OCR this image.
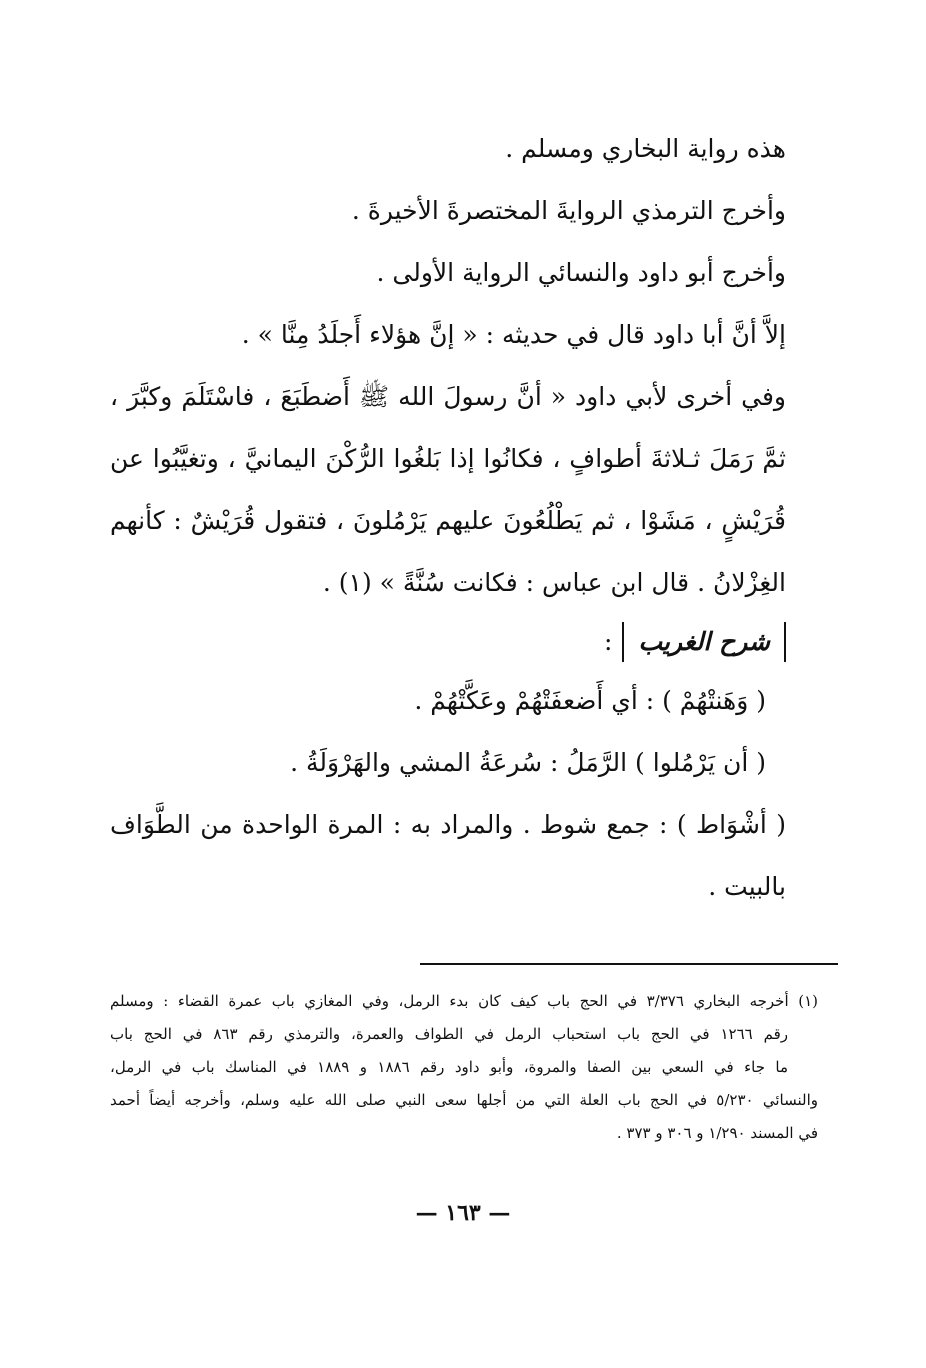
هذه رواية البخاري ومسلم .
وأخرج الترمذي الروايةَ المختصرةَ الأخيرةَ .
وأخرج أبو داود والنسائي الرواية الأولى .
إلاَّ أنَّ أبا داود قال في حديثه : « إنَّ هؤلاء أَجلَدُ مِنَّا » .
وفي أخرى لأبي داود « أنَّ رسولَ الله ﷺ أَضطَبَعَ ، فاسْتَلَمَ وكبَّرَ ،
ثمَّ رَمَلَ ثـلاثةَ أطوافٍ ، فكانُوا إذا بَلغُوا الرُّكْنَ اليمانيَّ ، وتغيَّبُوا عن
قُرَيْشٍ ، مَشَوْا ، ثم يَطْلُعُونَ عليهم يَرْمُلونَ ، فتقول قُرَيْشٌ : كأنهم
الغِزْلانُ . قال ابن عباس : فكانت سُنَّةً » (١) .
شرح الغريب:
( وَهَنتْهُمْ ) : أي أَضعفَتْهُمْ وعَكَّتْهُمْ .
( أن يَرْمُلوا ) الرَّمَلُ : سُرعَةُ المشي والهَرْوَلَةُ .
( أشْوَاط ) : جمع شوط . والمراد به : المرة الواحدة من الطَّوَاف
بالبيت .
(١) أخرجه البخاري ٣/٣٧٦ في الحج باب كيف كان بدء الرمل، وفي المغازي باب عمرة القضاء : ومسلم
رقم ١٢٦٦ في الحج باب استحباب الرمل في الطواف والعمرة، والترمذي رقم ٨٦٣ في الحج باب
ما جاء في السعي بين الصفا والمروة، وأبو داود رقم ١٨٨٦ و ١٨٨٩ في المناسك باب في الرمل،
والنسائي ٥/٢٣٠ في الحج باب العلة التي من أجلها سعى النبي صلى الله عليه وسلم، وأخرجه أيضاً أحمد
في المسند ١/٢٩٠ و ٣٠٦ و ٣٧٣ .
— ١٦٣ —
